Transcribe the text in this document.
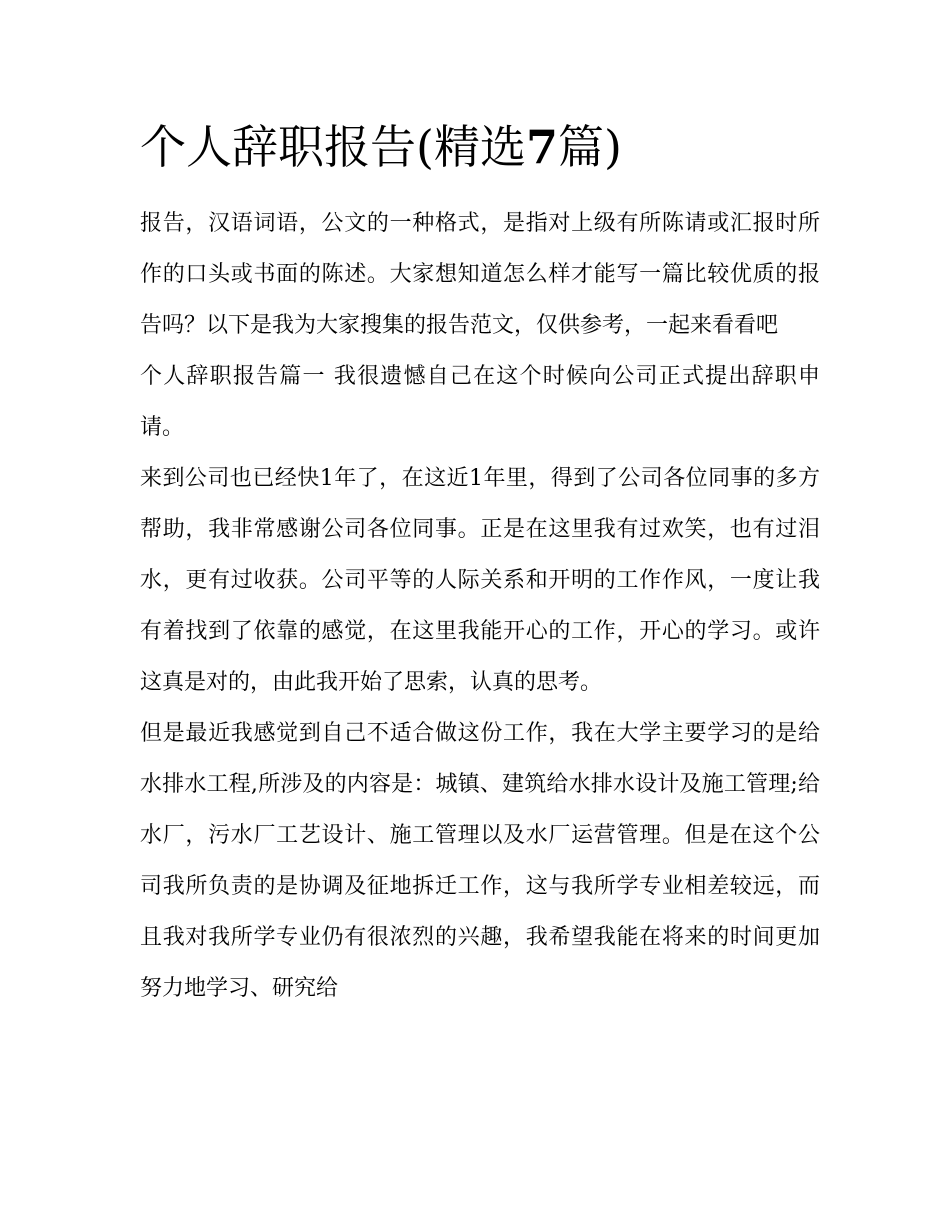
个人辞职报告(精选7篇)

报告，汉语词语，公文的一种格式，是指对上级有所陈请或汇报时所作的口头或书面的陈述。大家想知道怎么样才能写一篇比较优质的报告吗？以下是我为大家搜集的报告范文，仅供参考，一起来看看吧

个人辞职报告篇一 我很遗憾自己在这个时候向公司正式提出辞职申请。

来到公司也已经快1年了，在这近1年里，得到了公司各位同事的多方帮助，我非常感谢公司各位同事。正是在这里我有过欢笑，也有过泪水，更有过收获。公司平等的人际关系和开明的工作作风，一度让我有着找到了依靠的感觉，在这里我能开心的工作，开心的学习。或许这真是对的，由此我开始了思索，认真的思考。

但是最近我感觉到自己不适合做这份工作，我在大学主要学习的是给水排水工程,所涉及的内容是：城镇、建筑给水排水设计及施工管理;给水厂，污水厂工艺设计、施工管理以及水厂运营管理。但是在这个公司我所负责的是协调及征地拆迁工作，这与我所学专业相差较远，而且我对我所学专业仍有很浓烈的兴趣，我希望我能在将来的时间更加努力地学习、研究给
